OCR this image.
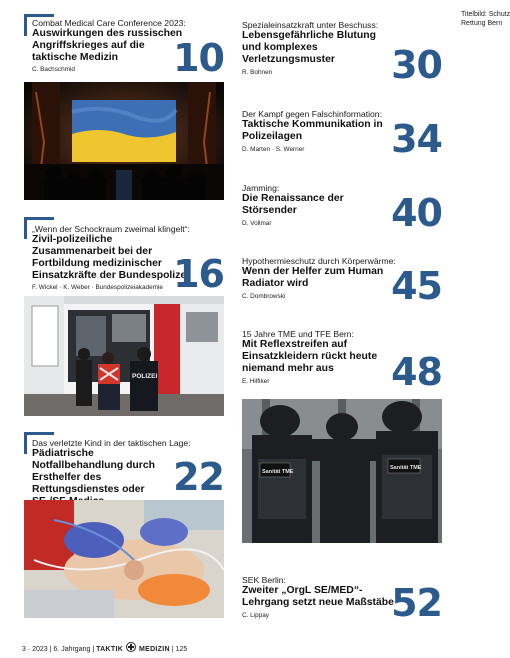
Titelbild: Schutz
Rettung Bern
Combat Medical Care Conference 2023:
Auswirkungen des russischen Angriffskrieges auf die taktische Medizin
C. Bachschmid	10
„Wenn der Schockraum zweimal klingelt“:
Zivil-polizeiliche Zusammenarbeit bei der Fortbildung medizinischer Einsatzkräfte der Bundespolizei
F. Wickel · K. Weber · Bundespolizeiakademie 16
POLIZEI
Das verletzte Kind in der taktischen Lage:
Pädiatrische Notfallbehandlung durch Ersthelfer des Rettungsdienstes oder 22
Spezialeinsatzkraft unter Beschuss:
Lebensgefährliche Blutung und komplexes Verletzungsmuster
R. Bohnen	30
Der Kampf gegen Falschinformation:
Taktische Kommunikation in Polizeilagen
D. Marten · S. Werner	34
Jamming:
Die Renaissance der Störsender
D. Vollmar	40
Hypothermieschutz durch Körperwärme:
Wenn der Helfer zum Human Radiator wird
C. Dombrowski	45
15 Jahre TME und TFE Bern:
Mit Reflexstreifen auf Einsatzkleidern rückt heute niemand mehr aus
E. Hilfiker	48
Sanität TME
Sanität TME
SEK Berlin:
Zweiter „OrgL SE/MED“-Lehrgang setzt neue Maßstäbe
C. Lippay	52
3 · 2023 | 6. Jahrgang | TAKTIK MEDIZIN | 125
